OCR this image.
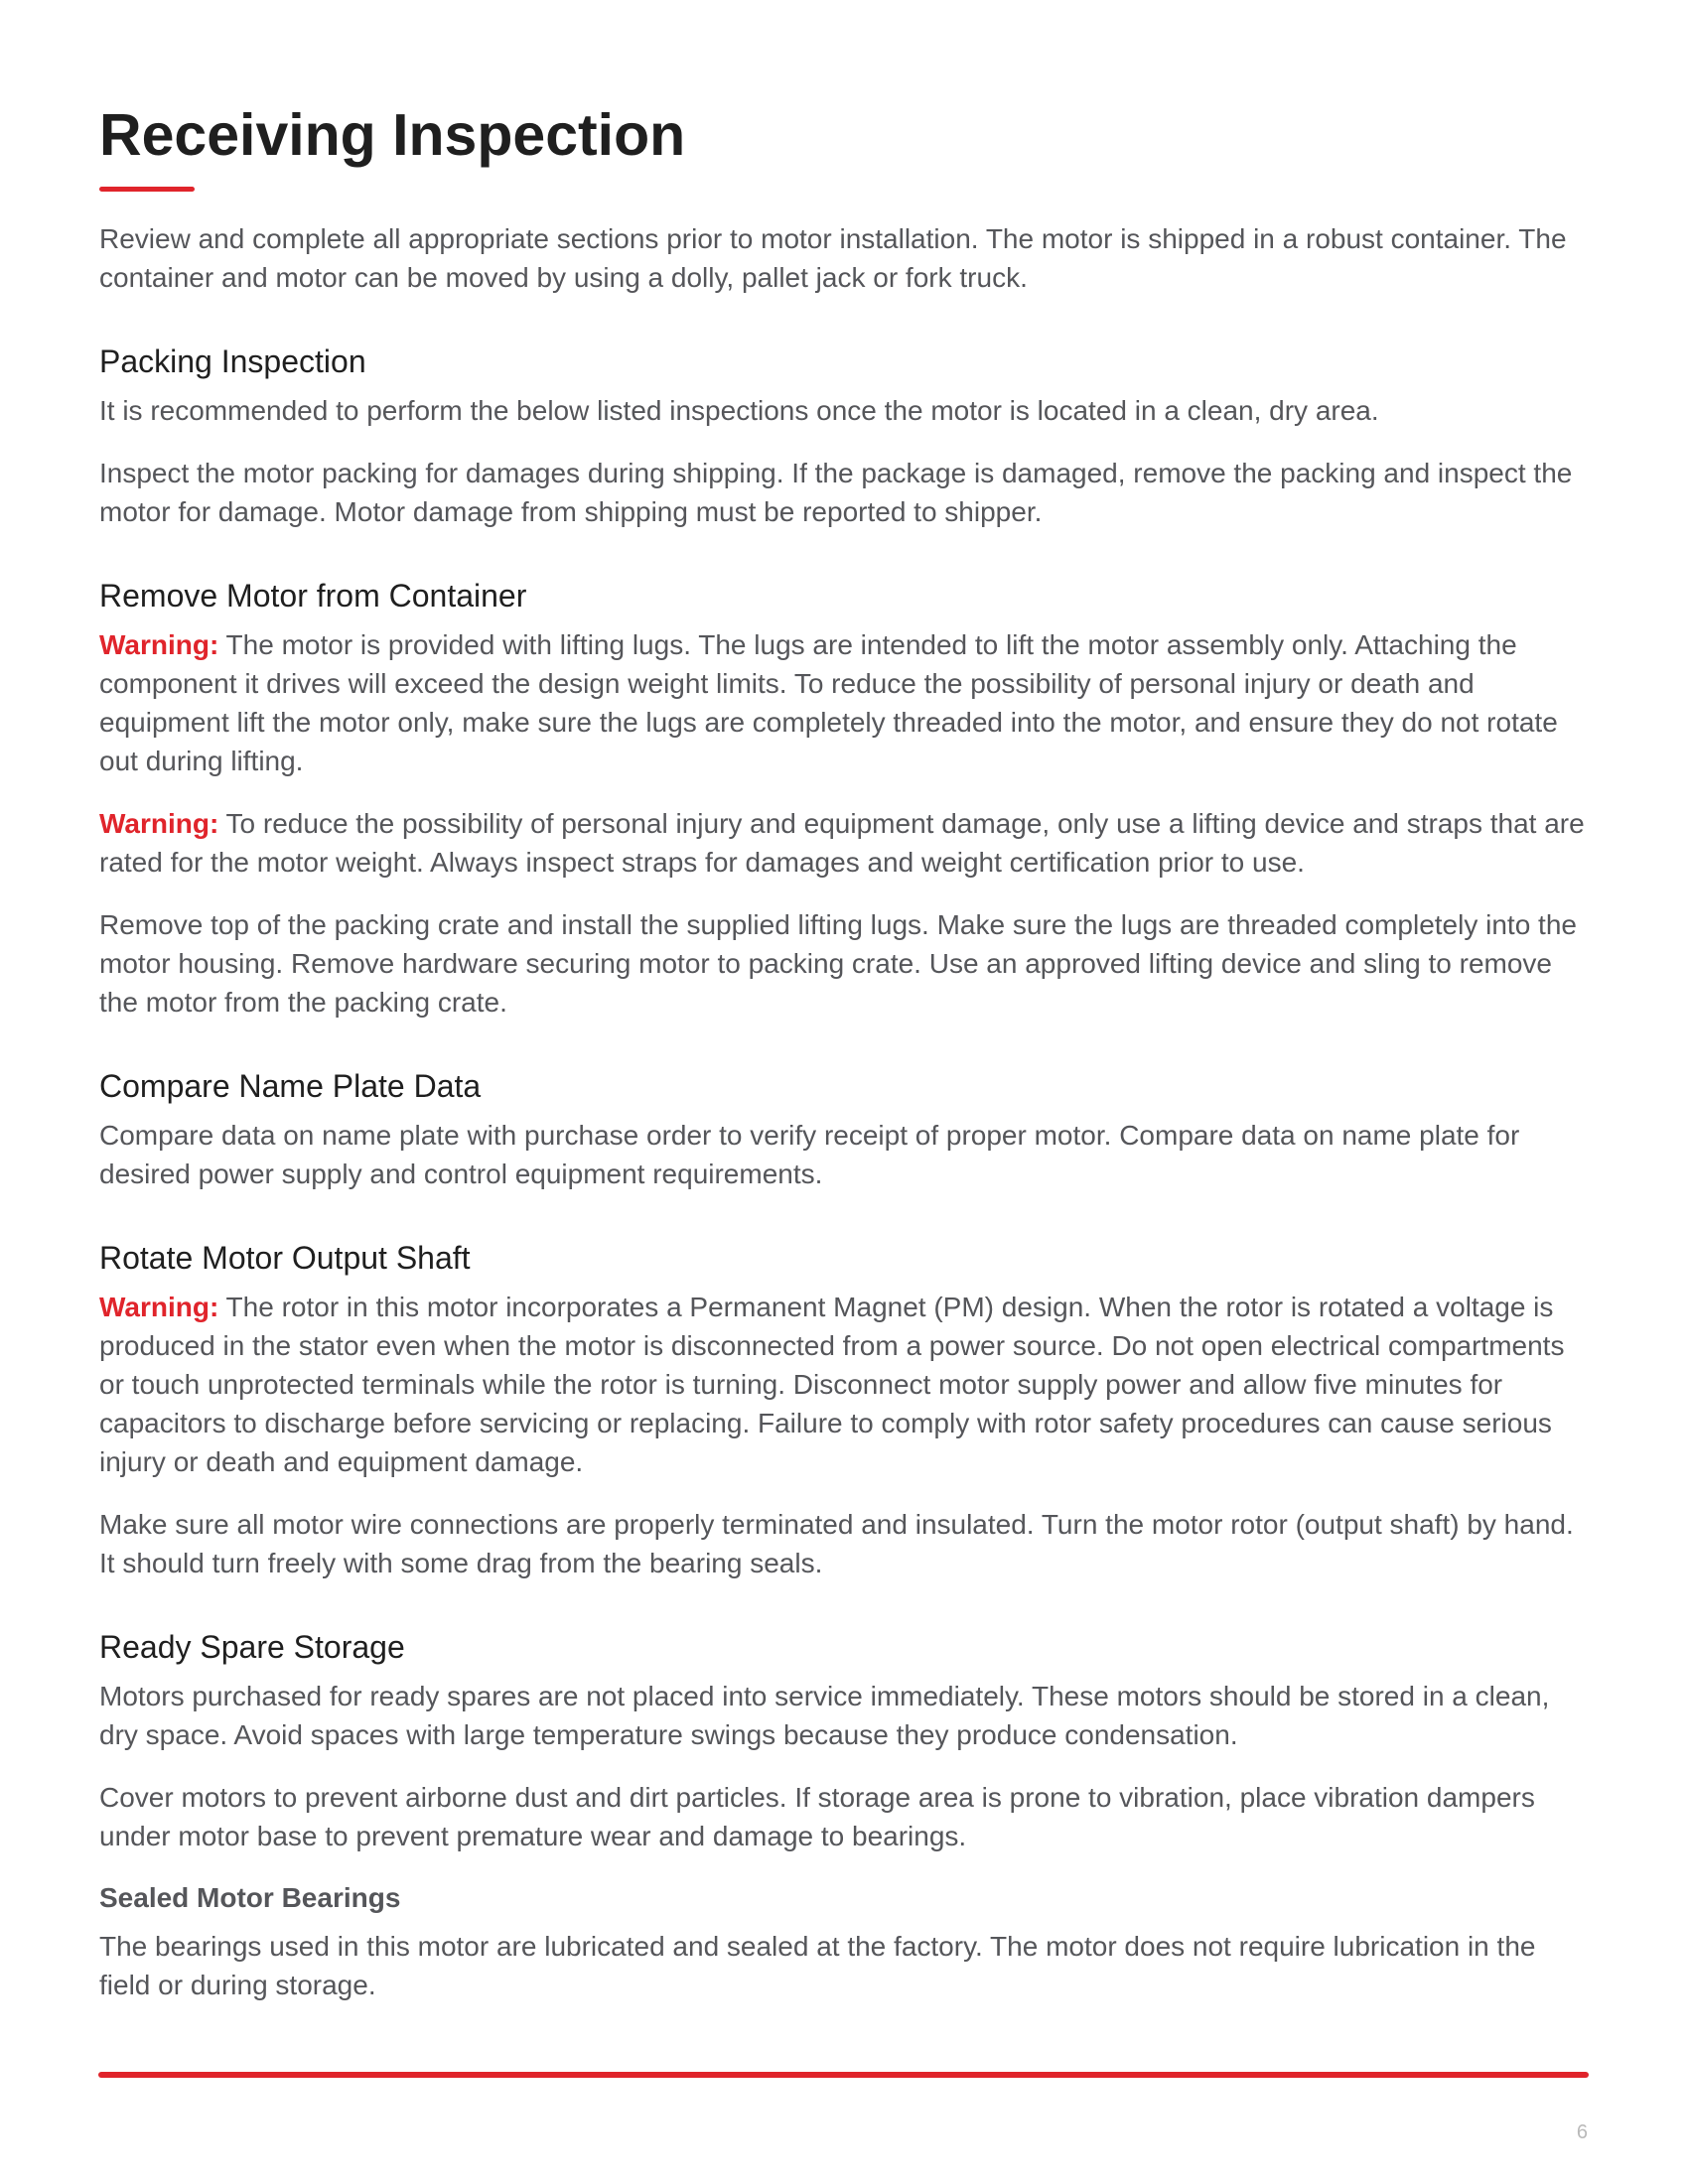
Receiving Inspection

Review and complete all appropriate sections prior to motor installation. The motor is shipped in a robust container. The container and motor can be moved by using a dolly, pallet jack or fork truck.

Packing Inspection

It is recommended to perform the below listed inspections once the motor is located in a clean, dry area.

Inspect the motor packing for damages during shipping. If the package is damaged, remove the packing and inspect the motor for damage. Motor damage from shipping must be reported to shipper.

Remove Motor from Container

Warning: The motor is provided with lifting lugs. The lugs are intended to lift the motor assembly only. Attaching the component it drives will exceed the design weight limits. To reduce the possibility of personal injury or death and equipment lift the motor only, make sure the lugs are completely threaded into the motor, and ensure they do not rotate out during lifting.

Warning: To reduce the possibility of personal injury and equipment damage, only use a lifting device and straps that are rated for the motor weight. Always inspect straps for damages and weight certification prior to use.

Remove top of the packing crate and install the supplied lifting lugs. Make sure the lugs are threaded completely into the motor housing. Remove hardware securing motor to packing crate. Use an approved lifting device and sling to remove the motor from the packing crate.

Compare Name Plate Data

Compare data on name plate with purchase order to verify receipt of proper motor. Compare data on name plate for desired power supply and control equipment requirements.

Rotate Motor Output Shaft

Warning: The rotor in this motor incorporates a Permanent Magnet (PM) design. When the rotor is rotated a voltage is produced in the stator even when the motor is disconnected from a power source. Do not open electrical compartments or touch unprotected terminals while the rotor is turning. Disconnect motor supply power and allow five minutes for capacitors to discharge before servicing or replacing. Failure to comply with rotor safety procedures can cause serious injury or death and equipment damage.

Make sure all motor wire connections are properly terminated and insulated. Turn the motor rotor (output shaft) by hand. It should turn freely with some drag from the bearing seals.

Ready Spare Storage

Motors purchased for ready spares are not placed into service immediately. These motors should be stored in a clean, dry space. Avoid spaces with large temperature swings because they produce condensation.

Cover motors to prevent airborne dust and dirt particles. If storage area is prone to vibration, place vibration dampers under motor base to prevent premature wear and damage to bearings.

Sealed Motor Bearings

The bearings used in this motor are lubricated and sealed at the factory. The motor does not require lubrication in the field or during storage.

6
